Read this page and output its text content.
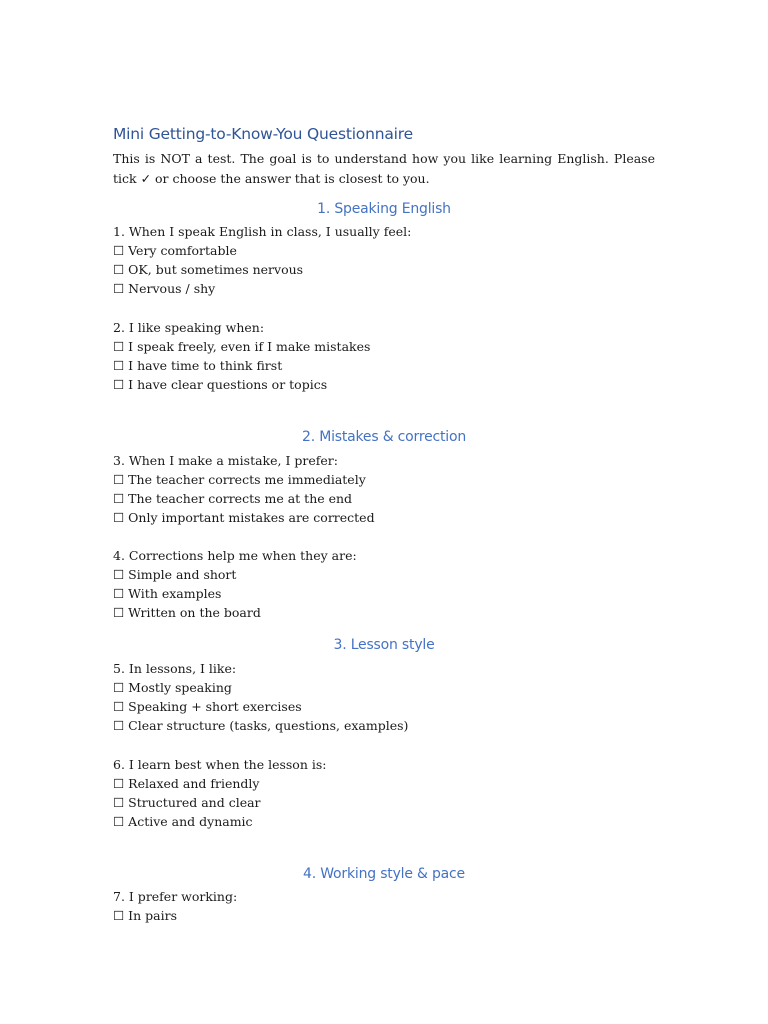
Mini Getting-to-Know-You Questionnaire
This is NOT a test. The goal is to understand how you like learning English. Please tick ✓ or choose the answer that is closest to you.
1. Speaking English
1. When I speak English in class, I usually feel:
☐ Very comfortable
☐ OK, but sometimes nervous
☐ Nervous / shy
2. I like speaking when:
☐ I speak freely, even if I make mistakes
☐ I have time to think first
☐ I have clear questions or topics
2. Mistakes & correction
3. When I make a mistake, I prefer:
☐ The teacher corrects me immediately
☐ The teacher corrects me at the end
☐ Only important mistakes are corrected
4. Corrections help me when they are:
☐ Simple and short
☐ With examples
☐ Written on the board
3. Lesson style
5. In lessons, I like:
☐ Mostly speaking
☐ Speaking + short exercises
☐ Clear structure (tasks, questions, examples)
6. I learn best when the lesson is:
☐ Relaxed and friendly
☐ Structured and clear
☐ Active and dynamic
4. Working style & pace
7. I prefer working:
☐ In pairs
